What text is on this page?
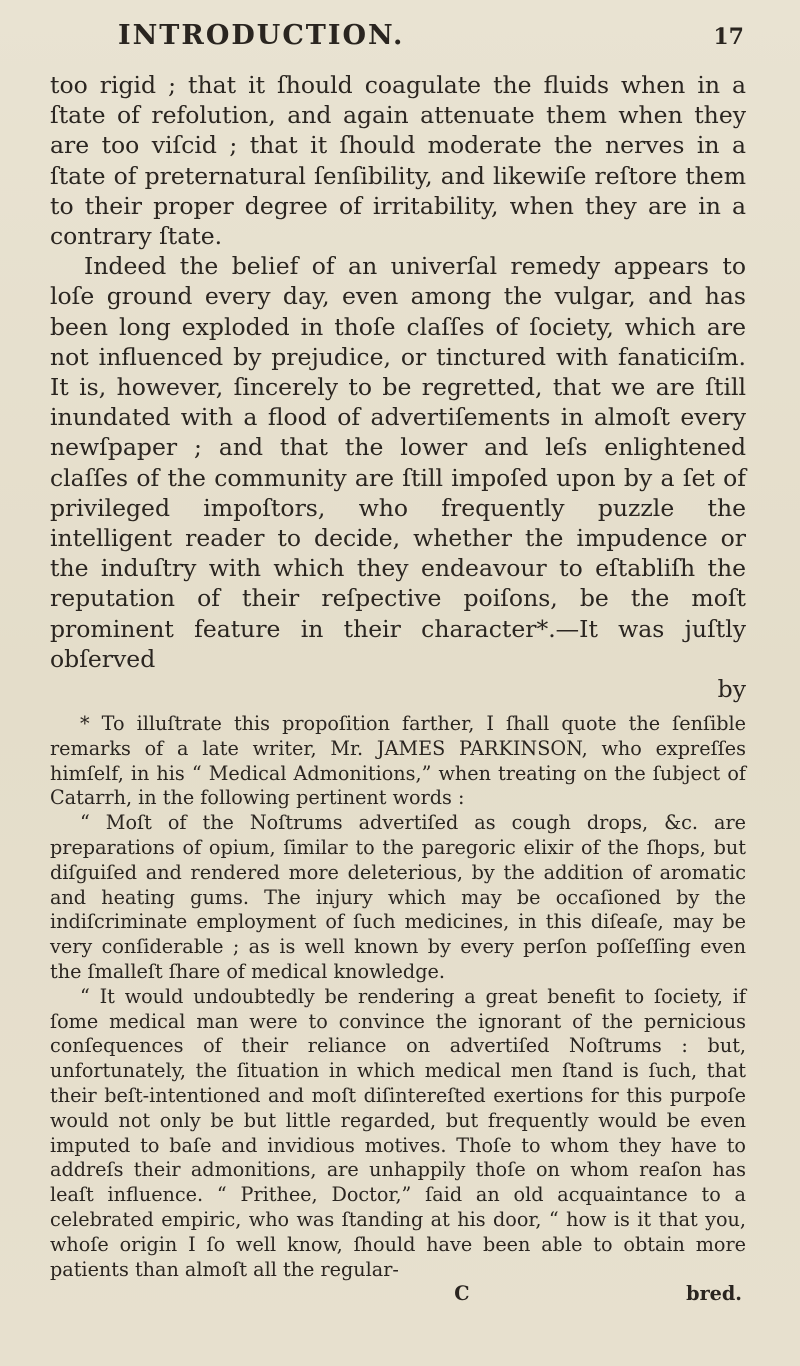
INTRODUCTION.	17

too rigid ; that it ſhould coagulate the fluids when in a ſtate of refolution, and again attenuate them when they are too viſcid ; that it ſhould moderate the nerves in a ſtate of preternatural ſenſibility, and likewiſe reſtore them to their proper degree of irritability, when they are in a contrary ſtate.

Indeed the belief of an univerſal remedy appears to loſe ground every day, even among the vulgar, and has been long exploded in thoſe claſſes of ſociety, which are not influenced by prejudice, or tinctured with fanaticiſm. It is, however, ſincerely to be regretted, that we are ſtill inundated with a flood of advertiſements in almoſt every newſpaper ; and that the lower and leſs enlightened claſſes of the community are ſtill impoſed upon by a ſet of privileged impoſtors, who frequently puzzle the intelligent reader to decide, whether the impudence or the induſtry with which they endeavour to eſtabliſh the reputation of their reſpective poiſons, be the moſt prominent feature in their character*.—It was juſtly obſerved

by

* To illuſtrate this propoſition farther, I ſhall quote the ſenſible remarks of a late writer, Mr. JAMES PARKINSON, who expreſſes himſelf, in his “ Medical Admonitions,” when treating on the ſubject of Catarrh, in the following pertinent words :

“ Moſt of the Noſtrums advertiſed as cough drops, &c. are preparations of opium, ſimilar to the paregoric elixir of the ſhops, but diſguiſed and rendered more deleterious, by the addition of aromatic and heating gums. The injury which may be occaſioned by the indiſcriminate employment of ſuch medicines, in this diſeaſe, may be very conſiderable ; as is well known by every perſon poſſeſſing even the ſmalleſt ſhare of medical knowledge.

“ It would undoubtedly be rendering a great benefit to ſociety, if ſome medical man were to convince the ignorant of the pernicious conſequences of their reliance on advertiſed Noſtrums : but, unfortunately, the ſituation in which medical men ſtand is ſuch, that their beſt-intentioned and moſt diſintereſted exertions for this purpoſe would not only be but little regarded, but frequently would be even imputed to baſe and invidious motives. Thoſe to whom they have to addreſs their admonitions, are unhappily thoſe on whom reaſon has leaſt influence. “ Prithee, Doctor,” ſaid an old acquaintance to a celebrated empiric, who was ſtanding at his door, “ how is it that you, whoſe origin I ſo well know, ſhould have been able to obtain more patients than almoſt all the regular-

C	bred.
